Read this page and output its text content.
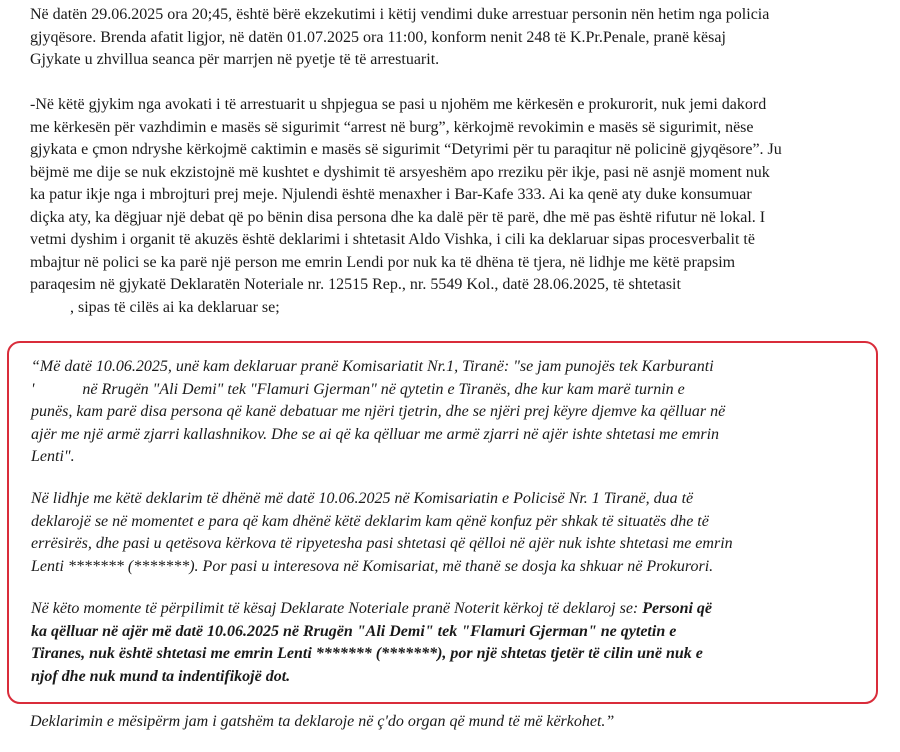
Në datën 29.06.2025 ora 20;45, është bërë ekzekutimi i këtij vendimi duke arrestuar personin nën hetim nga policia
gjyqësore. Brenda afatit ligjor, në datën 01.07.2025 ora 11:00, konform nenit 248 të K.Pr.Penale, pranë kësaj
Gjykate u zhvillua seanca për marrjen në pyetje të të arrestuarit.
-Në këtë gjykim nga avokati i të arrestuarit u shpjegua se pasi u njohëm me kërkesën e prokurorit, nuk jemi dakord
me kërkesën për vazhdimin e masës së sigurimit “arrest në burg”, kërkojmë revokimin e masës së sigurimit, nëse
gjykata e çmon ndryshe kërkojmë caktimin e masës së sigurimit “Detyrimi për tu paraqitur në policinë gjyqësore”. Ju
bëjmë me dije se nuk ekzistojnë më kushtet e dyshimit të arsyeshëm apo rreziku për ikje, pasi në asnjë moment nuk
ka patur ikje nga i mbrojturi prej meje. Njulendi është menaxher i Bar-Kafe 333. Ai ka qenë aty duke konsumuar
diçka aty, ka dëgjuar një debat që po bënin disa persona dhe ka dalë për të parë, dhe më pas është rifutur në lokal. I
vetmi dyshim i organit të akuzës është deklarimi i shtetasit Aldo Vishka, i cili ka deklaruar sipas procesverbalit të
mbajtur në polici se ka parë një person me emrin Lendi por nuk ka të dhëna të tjera, në lidhje me këtë prapsim
paraqesim në gjykatë Deklaratën Noteriale nr. 12515 Rep., nr. 5549 Kol., datë 28.06.2025, të shtetasit
, sipas të cilës ai ka deklaruar se;
“Më datë 10.06.2025, unë kam deklaruar pranë Komisariatit Nr.1, Tiranë: "se jam punojës tek Karburanti
'            në Rrugën "Ali Demi" tek "Flamuri Gjerman" në qytetin e Tiranës, dhe kur kam marë turnin e
punës, kam parë disa persona që kanë debatuar me njëri tjetrin, dhe se njëri prej këyre djemve ka qëlluar në
ajër me një armë zjarri kallashnikov. Dhe se ai që ka qëlluar me armë zjarri në ajër ishte shtetasi me emrin
Lenti".
Në lidhje me këtë deklarim të dhënë më datë 10.06.2025 në Komisariatin e Policisë Nr. 1 Tiranë, dua të
deklarojë se në momentet e para që kam dhënë këtë deklarim kam qënë konfuz për shkak të situatës dhe të
errësirës, dhe pasi u qetësova kërkova të ripyetesha pasi shtetasi që qëlloi në ajër nuk ishte shtetasi me emrin
Lenti ******* (*******). Por pasi u interesova në Komisariat, më thanë se dosja ka shkuar në Prokurori.
Në këto momente të përpilimit të kësaj Deklarate Noteriale pranë Noterit kërkoj të deklaroj se: Personi që
ka qëlluar në ajër më datë 10.06.2025 në Rrugën "Ali Demi" tek "Flamuri Gjerman" ne qytetin e
Tiranes, nuk është shtetasi me emrin Lenti ******* (*******), por një shtetas tjetër të cilin unë nuk e
njof dhe nuk mund ta indentifikojë dot.
Deklarimin e mësipërm jam i gatshëm ta deklaroje në ç'do organ që mund të më kërkohet.”
